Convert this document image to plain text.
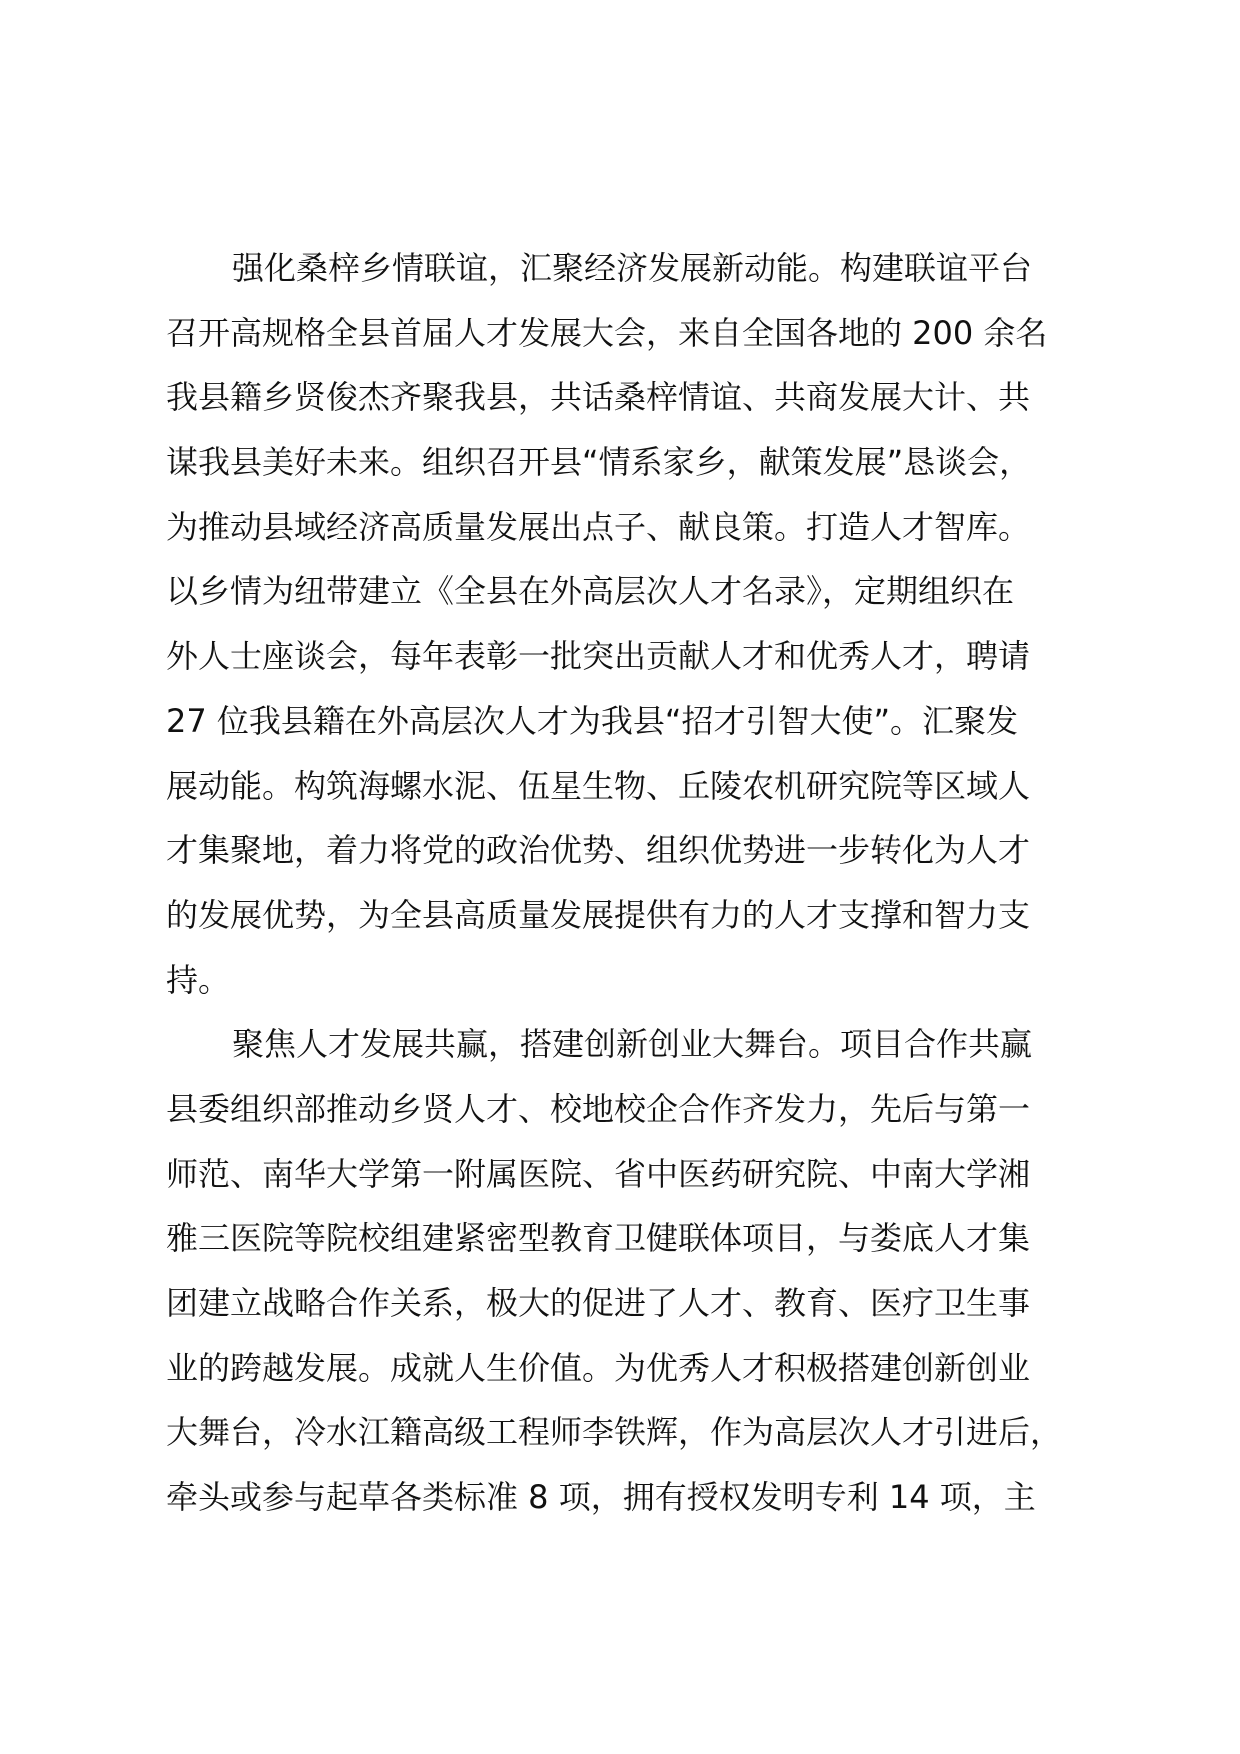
强化桑梓乡情联谊，汇聚经济发展新动能。构建联谊平台
召开高规格全县首届人才发展大会，来自全国各地的 200 余名
我县籍乡贤俊杰齐聚我县，共话桑梓情谊、共商发展大计、共
谋我县美好未来。组织召开县“情系家乡，献策发展”恳谈会，
为推动县域经济高质量发展出点子、献良策。打造人才智库。
以乡情为纽带建立《全县在外高层次人才名录》，定期组织在
外人士座谈会，每年表彰一批突出贡献人才和优秀人才，聘请
27 位我县籍在外高层次人才为我县“招才引智大使”。汇聚发
展动能。构筑海螺水泥、伍星生物、丘陵农机研究院等区域人
才集聚地，着力将党的政治优势、组织优势进一步转化为人才
的发展优势，为全县高质量发展提供有力的人才支撑和智力支
持。
聚焦人才发展共赢，搭建创新创业大舞台。项目合作共赢
县委组织部推动乡贤人才、校地校企合作齐发力，先后与第一
师范、南华大学第一附属医院、省中医药研究院、中南大学湘
雅三医院等院校组建紧密型教育卫健联体项目，与娄底人才集
团建立战略合作关系，极大的促进了人才、教育、医疗卫生事
业的跨越发展。成就人生价值。为优秀人才积极搭建创新创业
大舞台，冷水江籍高级工程师李铁辉，作为高层次人才引进后，
牵头或参与起草各类标准 8 项，拥有授权发明专利 14 项，主
